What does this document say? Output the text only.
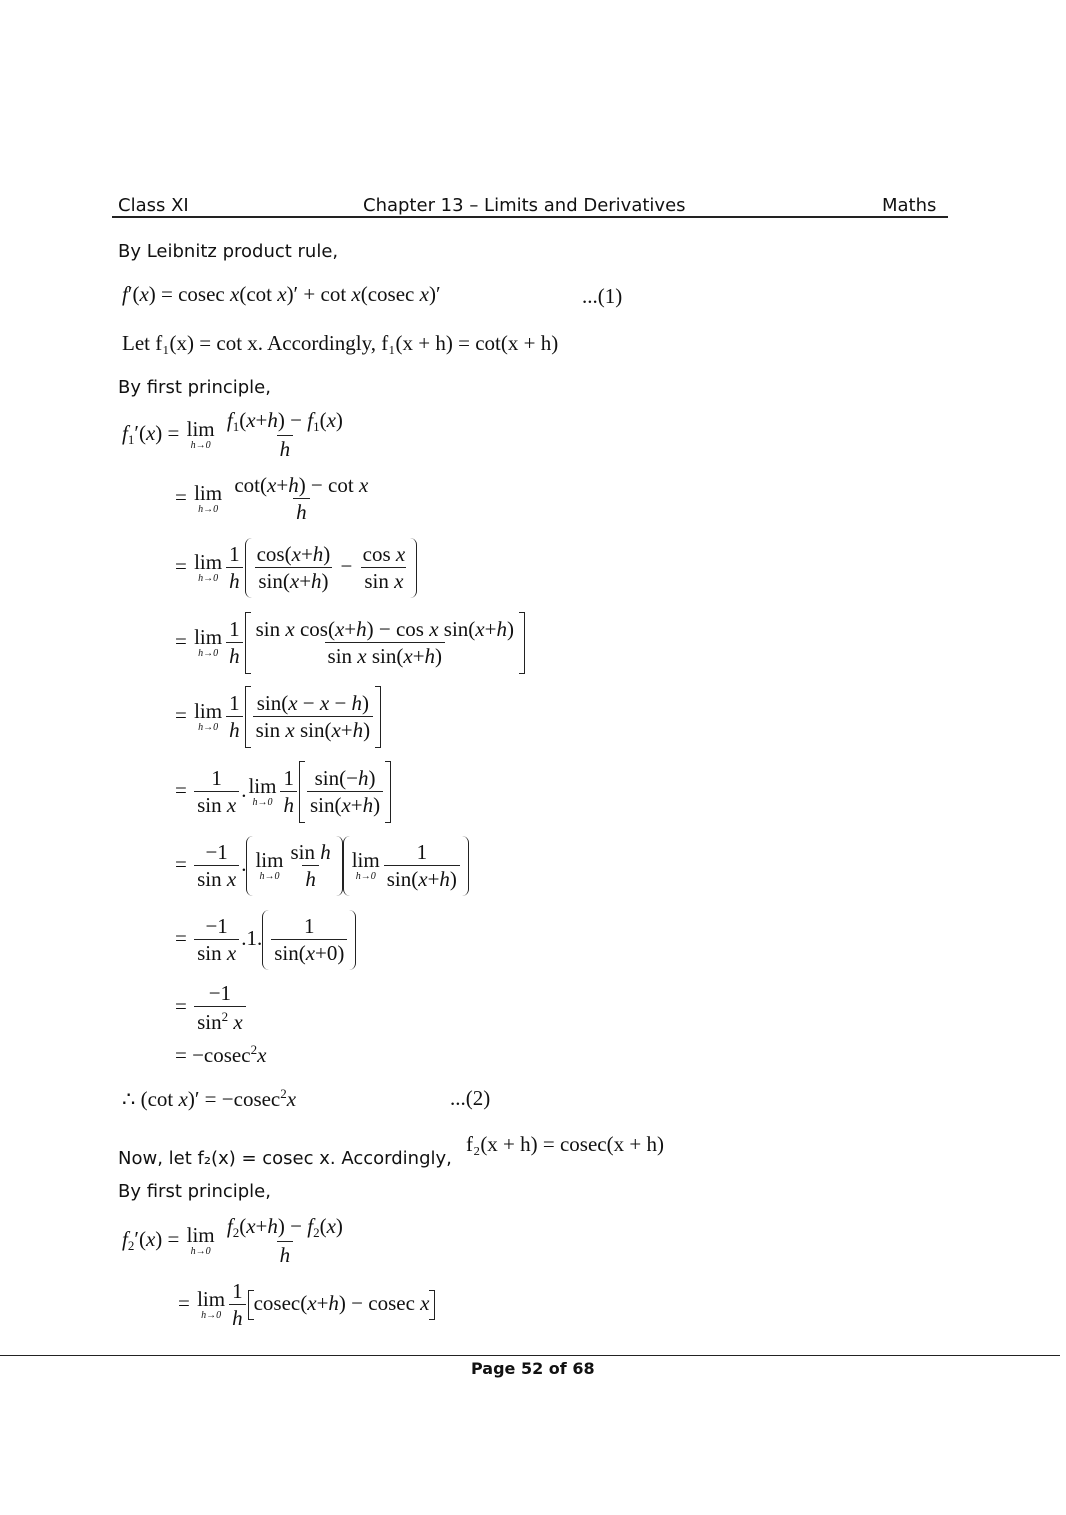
Class XI	Chapter 13 – Limits and Derivatives	Maths
By Leibnitz product rule,
f′(x) = cosec x(cot x)′ + cot x(cosec x)′	...(1)
Let f₁(x) = cot x. Accordingly, f₁(x + h) = cot(x + h)
By first principle,
$f_1'(x) = \lim$
h→0
$\frac{f_1(x+h) - f_1(x)}{h}$
= lim
h→0
$\frac{\text{cot(x+h) − cot x}}{h}$
= lim
$h\to 0 \frac{1}{h} \frac{\cos(x+h)}{\sin(x+h)} - \frac{\text{cos x}}{\text{sin x}}$
= lim
$h\to 0 \frac{1}{h} \frac{\text{sin x cos(x+h) − cos x sin(x+h)}}{\text{sin x sin(x+h)}}$
= lim
$h\to 0 \frac{1}{h} \frac{\sin(x - x - h)}{\text{sin x sin(x+h)}}$
= $\frac{1}{\text{sin x}}$ . lim
$h\to 0 \frac{1}{h} \frac{\sin(-h)}{\sin(x+h)}$
= $\frac{-1}{\text{sin x}}$ . lim
$h\to 0 \frac{\text{sin h}}{h}$ lim
$h\to 0 \frac{1}{\sin(x+h)}$
= $\frac{-1}{\text{sin x}} .1$. $\frac{1}{\sin(x+0)}$
= $\frac{-1}{\sin^2 x}$
= −cosec$^2$x
∴ (cot x)′ = −cosec$^2$x	...(2)
Now, let f₂(x) = cosec x. Accordingly,
f₂(x + h) = cosec(x + h)
By first principle,
$f_2'(x) = \lim$
h→0
$\frac{f_2(x+h) - f_2(x)}{h}$
= lim
$h\to 0 \frac{1}{h} cosec(x+h) - cosec$ x
Page 52 of 68
